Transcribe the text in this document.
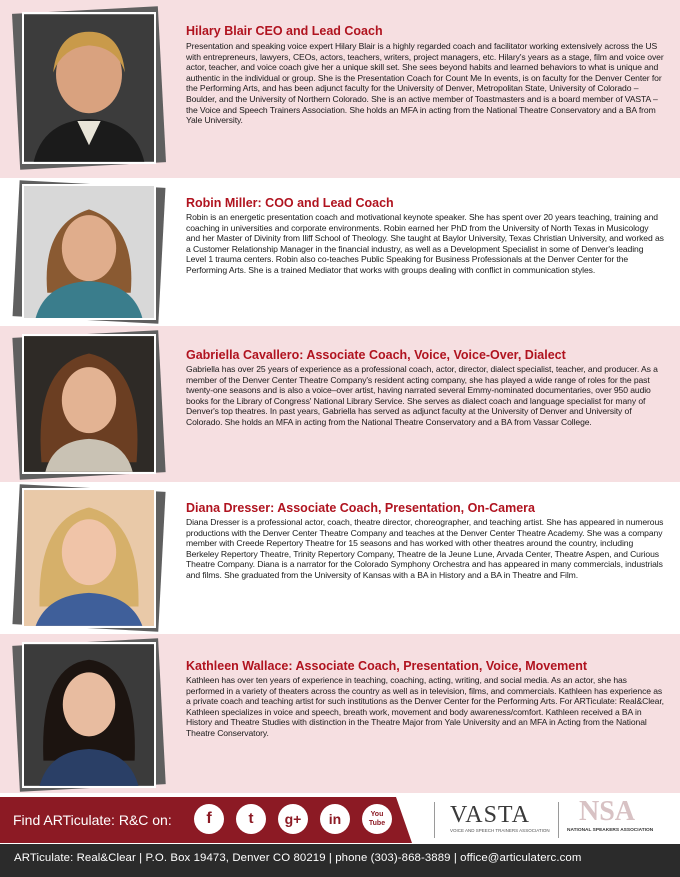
Hilary Blair CEO and Lead Coach

Presentation and speaking voice expert Hilary Blair is a highly regarded coach and facilitator working extensively across the US with entrepreneurs, lawyers, CEOs, actors, teachers, writers, project managers, etc. Hilary's years as a stage, film and voice over actor, teacher, and voice coach give her a unique skill set. She sees beyond habits and learned behaviors to what is unique and authentic in the individual or group. She is the Presentation Coach for Count Me In events, is on faculty for the Denver Center for the Performing Arts, and has been adjunct faculty for the University of Denver, Metropolitan State, University of Colorado –Boulder, and the University of Northern Colorado. She is an active member of Toastmasters and is a board member of VASTA – the Voice and Speech Trainers Association. She holds an MFA in acting from the National Theatre Conservatory and a BA from Yale University.

Robin Miller: COO and Lead Coach

Robin is an energetic presentation coach and motivational keynote speaker. She has spent over 20 years teaching, training and coaching in universities and corporate environments. Robin earned her PhD from the University of North Texas in Musicology and her Master of Divinity from Iliff School of Theology. She taught at Baylor University, Texas Christian University, and worked as a Customer Relationship Manager in the financial industry, as well as a Development Specialist in some of Denver's leading Level 1 trauma centers. Robin also co-teaches Public Speaking for Business Professionals at the Denver Center for the Performing Arts. She is a trained Mediator that works with groups dealing with conflict in communication styles.

Gabriella Cavallero: Associate Coach, Voice, Voice-Over, Dialect

Gabriella has over 25 years of experience as a professional coach, actor, director, dialect specialist, teacher, and producer. As a member of the Denver Center Theatre Company's resident acting company, she has played a wide range of roles for the past twenty-one seasons and is also a voice–over artist, having narrated several Emmy-nominated documentaries, over 950 audio books for the Library of Congress' National Library Service. She serves as dialect coach and language specialist for many of Denver's top theatres. In past years, Gabriella has served as adjunct faculty at the University of Denver and University of Colorado. She holds an MFA in acting from the National Theatre Conservatory and a BA from Vassar College.

Diana Dresser: Associate Coach, Presentation, On-Camera

Diana Dresser is a professional actor, coach, theatre director, choreographer, and teaching artist. She has appeared in numerous productions with the Denver Center Theatre Company and teaches at the Denver Center Theatre Academy. She was a company member with Creede Repertory Theatre for 15 seasons and has worked with other theatres around the country, including Berkeley Repertory Theatre, Trinity Repertory Company, Theatre de la Jeune Lune, Arvada Center, Theatre Aspen, and Curious Theatre Company. Diana is a narrator for the Colorado Symphony Orchestra and has appeared in many commercials, industrials and films. She graduated from the University of Kansas with a BA in History and a BA in Theatre and Film.

Kathleen Wallace: Associate Coach, Presentation, Voice, Movement

Kathleen has over ten years of experience in teaching, coaching, acting, writing, and social media. As an actor, she has performed in a variety of theaters across the country as well as in television, films, and commercials. Kathleen has experience as a private coach and teaching artist for such institutions as the Denver Center for the Performing Arts. For ARTiculate: Real&Clear, Kathleen specializes in voice and speech, breath work, movement and body awareness/comfort. Kathleen received a BA in History and Theatre Studies with distinction in the Theatre Major from Yale University and an MFA in Acting from the National Theatre Conservatory.

Find ARTiculate: R&C on:	f	t	g+	in	You Tube	VASTA
VOICE AND SPEECH TRAINERS ASSOCIATION
NSA
NATIONAL SPEAKERS ASSOCIATION
ARTiculate: Real&Clear | P.O. Box 19473, Denver CO 80219 | phone (303)-868-3889 | office@articulaterc.com
